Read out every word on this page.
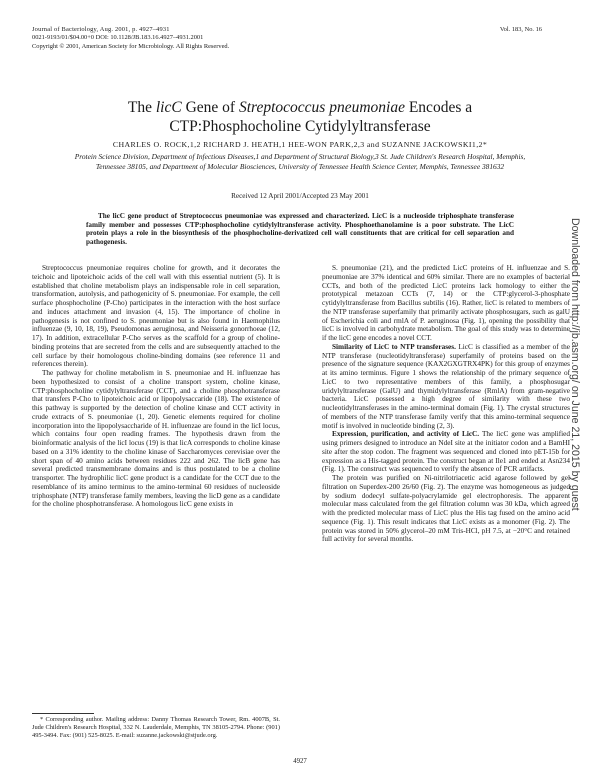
Journal of Bacteriology, Aug. 2001, p. 4927–4931
0021-9193/01/$04.00+0 DOI: 10.1128/JB.183.16.4927–4931.2001
Copyright © 2001, American Society for Microbiology. All Rights Reserved.
Vol. 183, No. 16
The licC Gene of Streptococcus pneumoniae Encodes a
CTP:Phosphocholine Cytidylyltransferase
CHARLES O. ROCK,1,2 RICHARD J. HEATH,1 HEE-WON PARK,2,3 and SUZANNE JACKOWSKI1,2*
Protein Science Division, Department of Infectious Diseases,1 and Department of Structural Biology,3 St. Jude Children's Research Hospital, Memphis, Tennessee 38105, and Department of Molecular Biosciences, University of Tennessee Health Science Center, Memphis, Tennessee 381632
Received 12 April 2001/Accepted 23 May 2001
The licC gene product of Streptococcus pneumoniae was expressed and characterized. LicC is a nucleoside triphosphate transferase family member and possesses CTP:phosphocholine cytidylyltransferase activity. Phosphoethanolamine is a poor substrate. The LicC protein plays a role in the biosynthesis of the phosphocholine-derivatized cell wall constituents that are critical for cell separation and pathogenesis.

Streptococcus pneumoniae requires choline for growth, and it decorates the teichoic and lipoteichoic acids of the cell wall with this essential nutrient (5). It is established that choline metabolism plays an indispensable role in cell separation, transformation, autolysis, and pathogenicity of S. pneumoniae. For example, the cell surface phosphocholine (P-Cho) participates in the interaction with the host surface and induces attachment and invasion (4, 15). The importance of choline in pathogenesis is not confined to S. pneumoniae but is also found in Haemophilus influenzae (9, 10, 18, 19), Pseudomonas aeruginosa, and Neisseria gonorrhoeae (12, 17). In addition, extracellular P-Cho serves as the scaffold for a group of choline-binding proteins that are secreted from the cells and are subsequently attached to the cell surface by their homologous choline-binding domains (see reference 11 and references therein).

The pathway for choline metabolism in S. pneumoniae and H. influenzae has been hypothesized to consist of a choline transport system, choline kinase, CTP:phosphocholine cytidylyltransferase (CCT), and a choline phosphotransferase that transfers P-Cho to lipoteichoic acid or lipopolysaccaride (18). The existence of this pathway is supported by the detection of choline kinase and CCT activity in crude extracts of S. pneumoniae (1, 20). Genetic elements required for choline incorporation into the lipopolysaccharide of H. influenzae are found in the licI locus, which contains four open reading frames. The hypothesis drawn from the bioinformatic analysis of the licI locus (19) is that licA corresponds to choline kinase based on a 31% identity to the choline kinase of Saccharomyces cerevisiae over the short span of 40 amino acids between residues 222 and 262. The licB gene has several predicted transmembrane domains and is thus postulated to be a choline transporter. The hydrophilic licC gene product is a candidate for the CCT due to the resemblance of its amino terminus to the amino-terminal 60 residues of nucleoside triphosphate (NTP) transferase family members, leaving the licD gene as a candidate for the choline phosphotransferase. A homologous licC gene exists in

S. pneumoniae (21), and the predicted LicC proteins of H. influenzae and S. pneumoniae are 37% identical and 60% similar. There are no examples of bacterial CCTs, and both of the predicted LicC proteins lack homology to either the prototypical metazoan CCTs (7, 14) or the CTP:glycerol-3-phosphate cytidylyltransferase from Bacillus subtilis (16). Rather, licC is related to members of the NTP transferase superfamily that primarily activate phosphosugars, such as galU of Escherichia coli and rmlA of P. aeruginosa (Fig. 1), opening the possibility that licC is involved in carbohydrate metabolism. The goal of this study was to determine if the licC gene encodes a novel CCT.

Similarity of LicC to NTP transferases. LicC is classified as a member of the NTP transferase (nucleotidyltransferase) superfamily of proteins based on the presence of the signature sequence (KAX2GXGTRX4PK) for this group of enzymes at its amino terminus. Figure 1 shows the relationship of the primary sequence of LicC to two representative members of this family, a phosphosugar uridylyltransferase (GalU) and thymidylyltransferase (RmlA) from gram-negative bacteria. LicC possessed a high degree of similarity with these two nucleotidyltransferases in the amino-terminal domain (Fig. 1). The crystal structures of members of the NTP transferase family verify that this amino-terminal sequence motif is involved in nucleotide binding (2, 3).

Expression, purification, and activity of LicC. The licC gene was amplified using primers designed to introduce an NdeI site at the initiator codon and a BamHI site after the stop codon. The fragment was sequenced and cloned into pET-15b for expression as a His-tagged protein. The construct began at Ile1 and ended at Asn234 (Fig. 1). The construct was sequenced to verify the absence of PCR artifacts.

The protein was purified on Ni-nitrilotriacetic acid agarose followed by gel filtration on Superdex-200 26/60 (Fig. 2). The enzyme was homogeneous as judged by sodium dodecyl sulfate-polyacrylamide gel electrophoresis. The apparent molecular mass calculated from the gel filtration column was 30 kDa, which agreed with the predicted molecular mass of LicC plus the His tag fused on the amino acid sequence (Fig. 1). This result indicates that LicC exists as a monomer (Fig. 2). The protein was stored in 50% glycerol–20 mM Tris-HCl, pH 7.5, at −20°C and retained full activity for several months.

* Corresponding author. Mailing address: Danny Thomas Research Tower, Rm. 4007B, St. Jude Children's Research Hospital, 332 N. Lauderdale, Memphis, TN 38105-2794. Phone: (901) 495-3494. Fax: (901) 525-8025. E-mail: suzanne.jackowski@stjude.org.
4927
Downloaded from http://jb.asm.org/ on June 21, 2015 by guest
